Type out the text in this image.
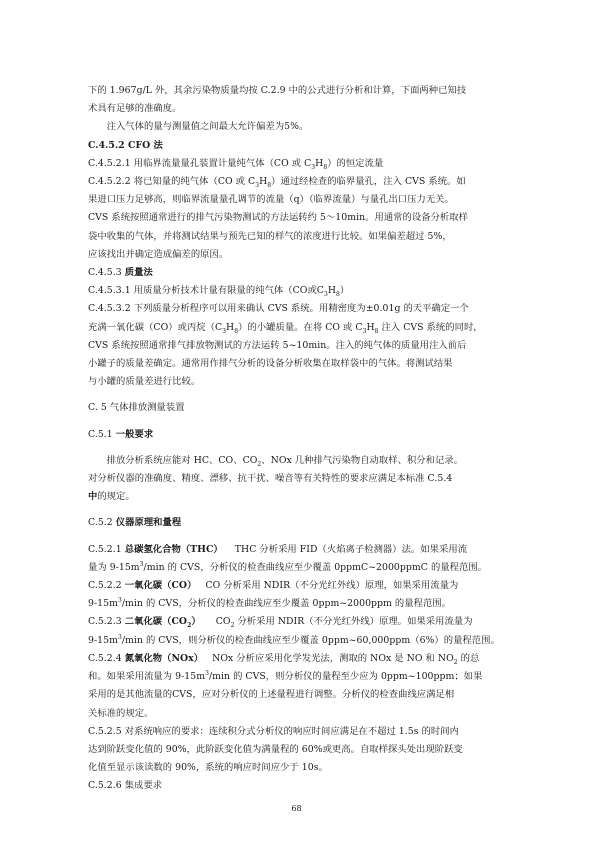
下的 1.967g/L 外，其余污染物质量均按 C.2.9 中的公式进行分析和计算，下面两种已知技

术具有足够的准确度。

注入气体的量与测量值之间最大允许偏差为5%。

C.4.5.2 CFO 法

C.4.5.2.1 用临界流量量孔装置计量纯气体（CO 或 $C_3H_8$）的恒定流量

C.4.5.2.2 将已知量的纯气体（CO 或 $C_3H_8$）通过经检查的临界量孔，注入 CVS 系统。如

果进口压力足够高，则临界流量量孔调节的流量（q）（临界流量）与量孔出口压力无关。

CVS 系统按照通常进行的排气污染物测试的方法运转约 5～10min。用通常的设备分析取样

袋中收集的气体，并将测试结果与预先已知的样气的浓度进行比较。如果偏差超过 5%，

应该找出并确定造成偏差的原因。

C.4.5.3 质量法

C.4.5.3.1 用质量分析技术计量有限量的纯气体（CO或$C_3H_8$）

C.4.5.3.2 下列质量分析程序可以用来确认 CVS 系统。用精密度为±0.01g 的天平确定一个

充满一氧化碳（CO）或丙烷$(C_3H_8)$的小罐质量。在将 CO 或 $C_3H_8$ 注入 CVS 系统的同时，

CVS 系统按照通常排气排放物测试的方法运转 5~10min。注入的纯气体的质量用注入前后

小罐子的质量差确定。通常用作排气分析的设备分析收集在取样袋中的气体。将测试结果

与小罐的质量差进行比较。

C. 5 气体排放测量装置

C.5.1 一般要求

排放分析系统应能对 HC、CO、$CO_2$、NOx 几种排气污染物自动取样、积分和记录。

对分析仪器的准确度、精度、漂移、抗干扰、噪音等有关特性的要求应满足本标准 C.5.4

中的规定。

C.5.2 仪器原理和量程

C.5.2.1 总碳氢化合物（THC）    THC 分析采用 FID（火焰离子检测器）法。如果采用流

量为 $9-15m^3/\min$ 的 CVS，分析仪的检查曲线应至少覆盖 0ppmC~2000ppmC 的量程范围。

C.5.2.2 一氧化碳（CO）   CO 分析采用 NDIR（不分光红外线）原理，如果采用流量为

$9-15m^3/\min$ 的 CVS，分析仪的检查曲线应至少覆盖 0ppm~2000ppm 的量程范围。

C.5.2.3 二氧化碳$(CO_2)$     $CO_2$ 分析采用 NDIR（不分光红外线）原理。如果采用流量为

$9-15m^3/\min$ 的 CVS，则分析仪的检查曲线应至少覆盖 0ppm~60,000ppm（6%）的量程范围。

C.5.2.4 氮氧化物（NOx）   NOx 分析应采用化学发光法，测取的 NOx 是 NO 和 $NO_2$ 的总

和。如果采用流量为 $9-15m^3/\min$ 的 CVS，则分析仪的量程至少应为 0ppm~100ppm；如果

采用的是其他流量的CVS，应对分析仪的上述量程进行调整。分析仪的检查曲线应满足相

关标准的规定。

C.5.2.5 对系统响应的要求：连续积分式分析仪的响应时间应满足在不超过 1.5s 的时间内

达到阶跃变化值的 90%，此阶跃变化值为满量程的 60%或更高。自取样探头处出现阶跃变

化值至显示该读数的 90%，系统的响应时间应少于 10s。

C.5.2.6 集成要求

68
